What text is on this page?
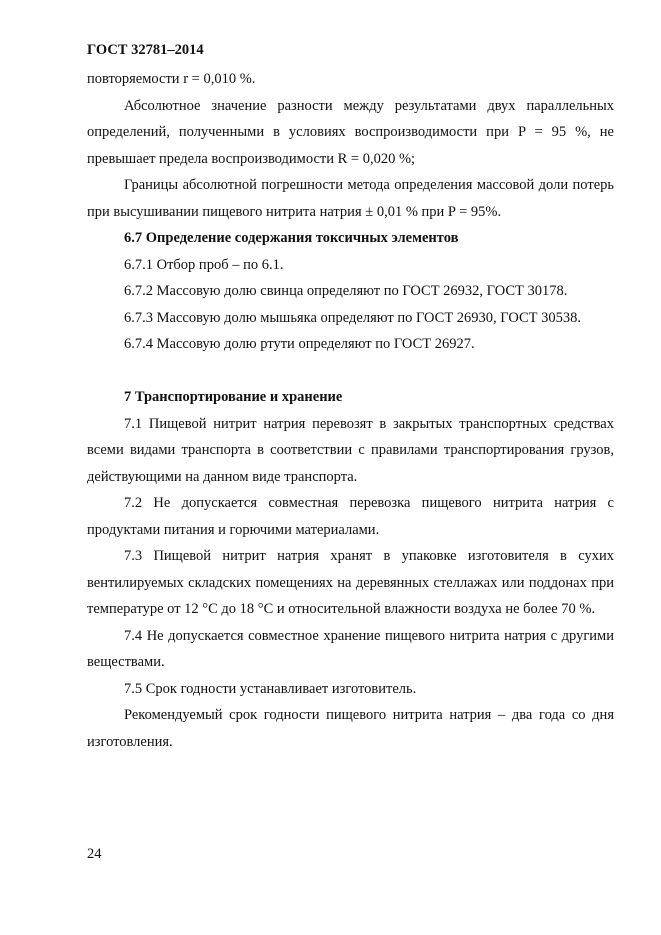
ГОСТ 32781–2014

повторяемости r = 0,010 %.

Абсолютное значение разности между результатами двух параллельных определений, полученными в условиях воспроизводимости при P = 95 %, не превышает предела воспроизводимости R = 0,020 %;

Границы абсолютной погрешности метода определения массовой доли потерь при высушивании пищевого нитрита натрия ± 0,01 % при P = 95%.

6.7 Определение содержания токсичных элементов

6.7.1 Отбор проб – по 6.1.

6.7.2 Массовую долю свинца определяют по ГОСТ 26932, ГОСТ 30178.

6.7.3 Массовую долю мышьяка определяют по ГОСТ 26930, ГОСТ 30538.

6.7.4 Массовую долю ртути определяют по ГОСТ 26927.

7 Транспортирование и хранение

7.1 Пищевой нитрит натрия перевозят в закрытых транспортных средствах всеми видами транспорта в соответствии с правилами транспортирования грузов, действующими на данном виде транспорта.

7.2 Не допускается совместная перевозка пищевого нитрита натрия с продуктами питания и горючими материалами.

7.3 Пищевой нитрит натрия хранят в упаковке изготовителя в сухих вентилируемых складских помещениях на деревянных стеллажах или поддонах при температуре от 12 °C до 18 °C и относительной влажности воздуха не более 70 %.

7.4 Не допускается совместное хранение пищевого нитрита натрия с другими веществами.

7.5 Срок годности устанавливает изготовитель.

Рекомендуемый срок годности пищевого нитрита натрия – два года со дня изготовления.

24
